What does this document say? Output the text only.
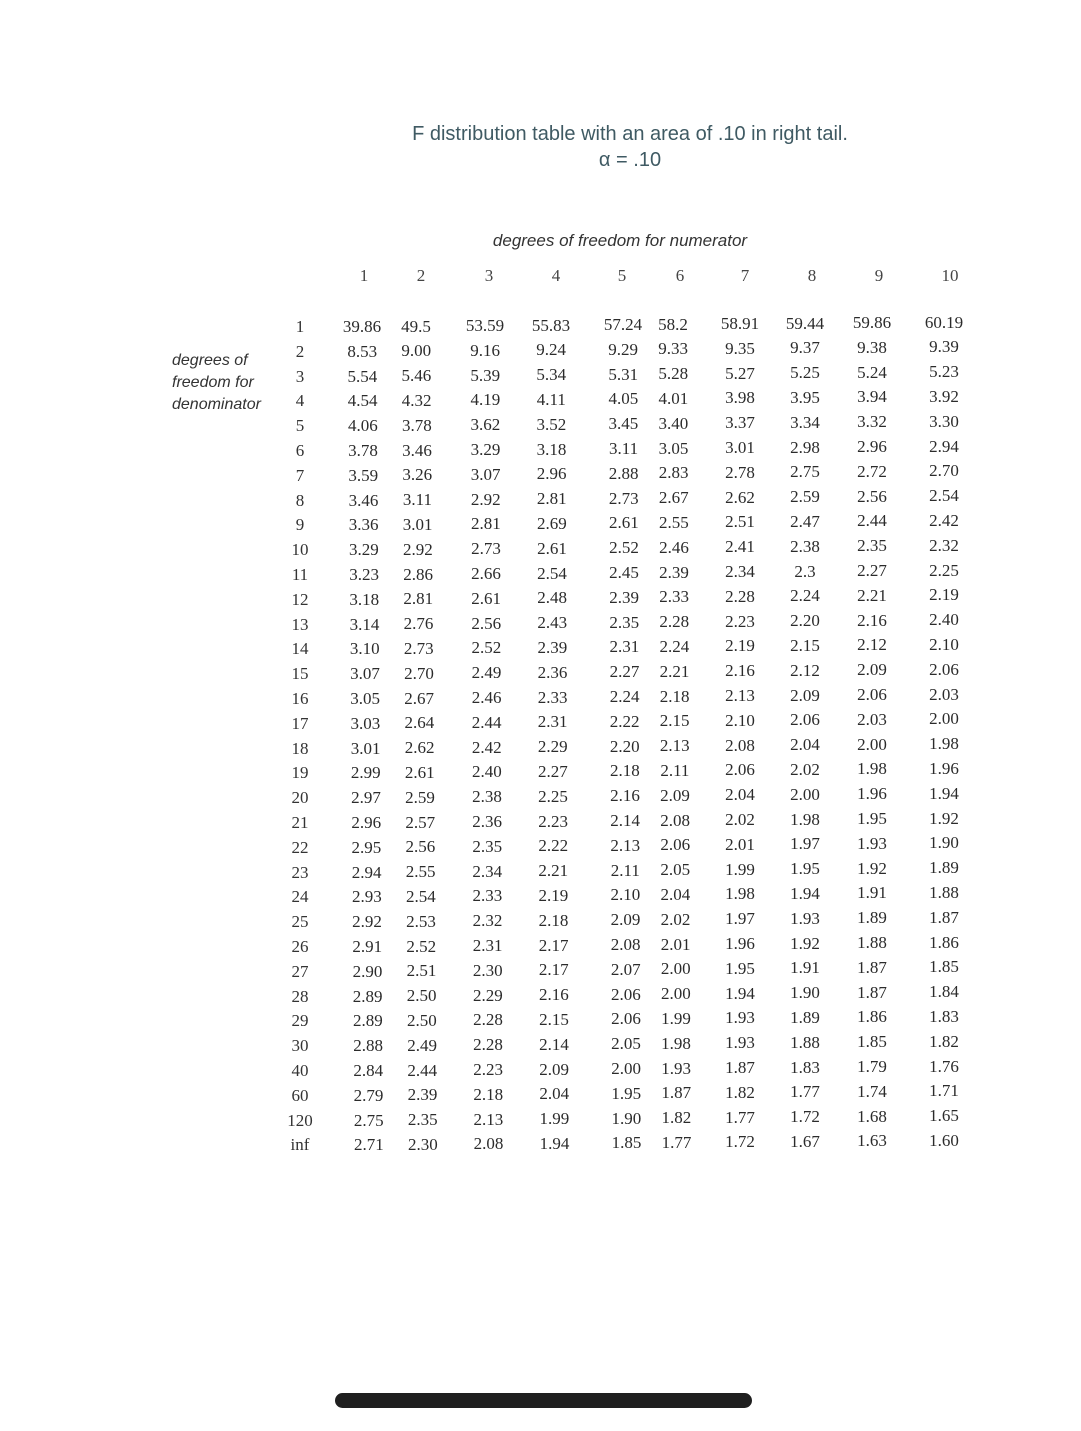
F distribution table with an area of .10 in right tail.
α = .10
degrees of freedom for numerator
degrees of
freedom for
denominator
1	2	3	4	5	6	7	8	9	10
1 39.86 49.5 53.59 55.83 57.24 58.2 58.91 59.44 59.86 60.19
2	8.53 9.00 9.16 9.24 9.29 9.33 9.35 9.37 9.38 9.39
3	5.54 5.46 5.39 5.34 5.31 5.28 5.27 5.25 5.24 5.23
4	4.54 4.32 4.19 4.11	4.05 4.01 3.98 3.95 3.94 3.92
5	4.06 3.78 3.62 3.52 3.45 3.40 3.37 3.34 3.32 3.30
6	3.78 3.46 3.29 3.18	3.11 3.05 3.01 2.98 2.96 2.94
7	3.59 3.26 3.07 2.96 2.88 2.83 2.78 2.75 2.72 2.70
8	3.46 3.11 2.92 2.81 2.73 2.67 2.62 2.59 2.56 2.54
9	3.36 3.01 2.81 2.69 2.61 2.55 2.51 2.47 2.44 2.42
10 3.29 2.92 2.73 2.61 2.52 2.46 2.41 2.38 2.35 2.32
11 3.23 2.86 2.66 2.54 2.45 2.39 2.34 2.3 2.27 2.25
12 3.18 2.81 2.61 2.48 2.39 2.33 2.28 2.24 2.21 2.19
13 3.14 2.76 2.56 2.43 2.35 2.28 2.23 2.20 2.16 2.40
14 3.10 2.73 2.52 2.39 2.31 2.24 2.19 2.15 2.12 2.10
15 3.07 2.70 2.49 2.36 2.27 2.21 2.16 2.12 2.09 2.06
16 3.05 2.67 2.46 2.33 2.24 2.18 2.13 2.09 2.06 2.03
17 3.03 2.64 2.44 2.31 2.22 2.15 2.10 2.06 2.03 2.00
18 3.01 2.62 2.42 2.29 2.20 2.13 2.08 2.04 2.00 1.98
19 2.99 2.61 2.40 2.27 2.18 2.11 2.06 2.02 1.98 1.96
20	2.97 2.59 2.38 2.25 2.16 2.09 2.04 2.00 1.96 1.94
21	2.96 2.57 2.36 2.23 2.14 2.08 2.02 1.98 1.95 1.92
22	2.95 2.56 2.35 2.22 2.13 2.06 2.01 1.97 1.93 1.90
23	2.94 2.55 2.34 2.21	2.11 2.05 1.99 1.95 1.92 1.89
24	2.93 2.54 2.33 2.19 2.10 2.04 1.98 1.94 1.91 1.88
25	2.92 2.53 2.32 2.18 2.09 2.02 1.97 1.93 1.89 1.87
26	2.91 2.52 2.31 2.17 2.08 2.01 1.96 1.92 1.88 1.86
27	2.90 2.51 2.30 2.17 2.07 2.00 1.95 1.91 1.87 1.85
28	2.89 2.50 2.29 2.16 2.06 2.00 1.94 1.90 1.87 1.84
29	2.89 2.50 2.28 2.15 2.06 1.99 1.93 1.89 1.86 1.83
30	2.88 2.49 2.28 2.14 2.05 1.98 1.93 1.88 1.85 1.82
40	2.84 2.44 2.23 2.09 2.00 1.93 1.87 1.83 1.79 1.76
60	2.79 2.39 2.18 2.04 1.95 1.87 1.82 1.77 1.74 1.71
120 2.75 2.35 2.13 1.99 1.90 1.82 1.77 1.72 1.68 1.65
inf	2.71 2.30 2.08 1.94 1.85 1.77 1.72 1.67 1.63 1.60
